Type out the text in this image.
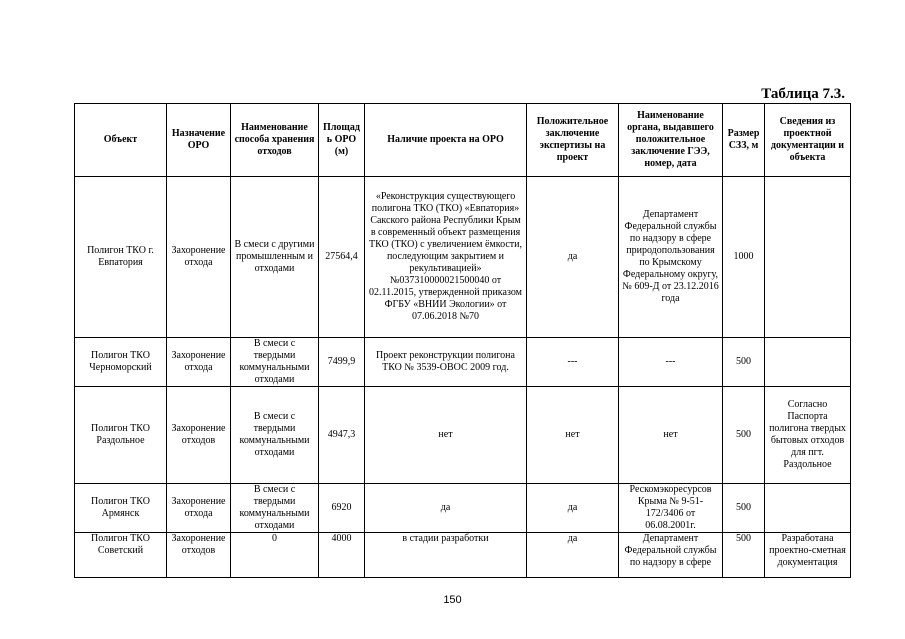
Таблица 7.3.
Объект	Назначение ОРО	Наименование способа хранения отходов	Площадь ОРО (м)	Наличие проекта на ОРО	Положительное заключение экспертизы на проект	Наименование органа, выдавшего положительное заключение ГЭЭ, номер, дата	Размер СЗЗ, м	Сведения из проектной документации и объекта
Полигон ТКО г. Евпатория	Захоронение отхода	В смеси с другими промышленным и отходами	27564,4	«Реконструкция существующего полигона ТКО (ТКО) «Евпатория» Сакского района Республики Крым в современный объект размещения ТКО (ТКО) с увеличением ёмкости, последующим закрытием и рекультивацией» №037310000021500040 от 02.11.2015, утвержденной приказом ФГБУ «ВНИИ Экологии» от 07.06.2018 №70	да	Департамент Федеральной службы по надзору в сфере природопользования по Крымскому Федеральному округу, № 609-Д от 23.12.2016 года	1000	
Полигон ТКО Черноморский	Захоронение отхода	В смеси с твердыми коммунальными отходами	7499,9	Проект реконструкции полигона ТКО № 3539-ОВОС 2009 год.	---	---	500	
Полигон ТКО Раздольное	Захоронение отходов	В смеси с твердыми коммунальными отходами	4947,3	нет	нет	нет	500	Согласно Паспорта полигона твердых бытовых отходов для пгт. Раздольное
Полигон ТКО Армянск	Захоронение отхода	В смеси с твердыми коммунальными отходами	6920	да	да	Рескомэкоресурсов Крыма № 9-51-172/3406 от 06.08.2001г.	500	
Полигон ТКО Советский	Захоронение отходов	0	4000	в стадии разработки	да	Департамент Федеральной службы по надзору в сфере	500	Разработана проектно-сметная документация
150
